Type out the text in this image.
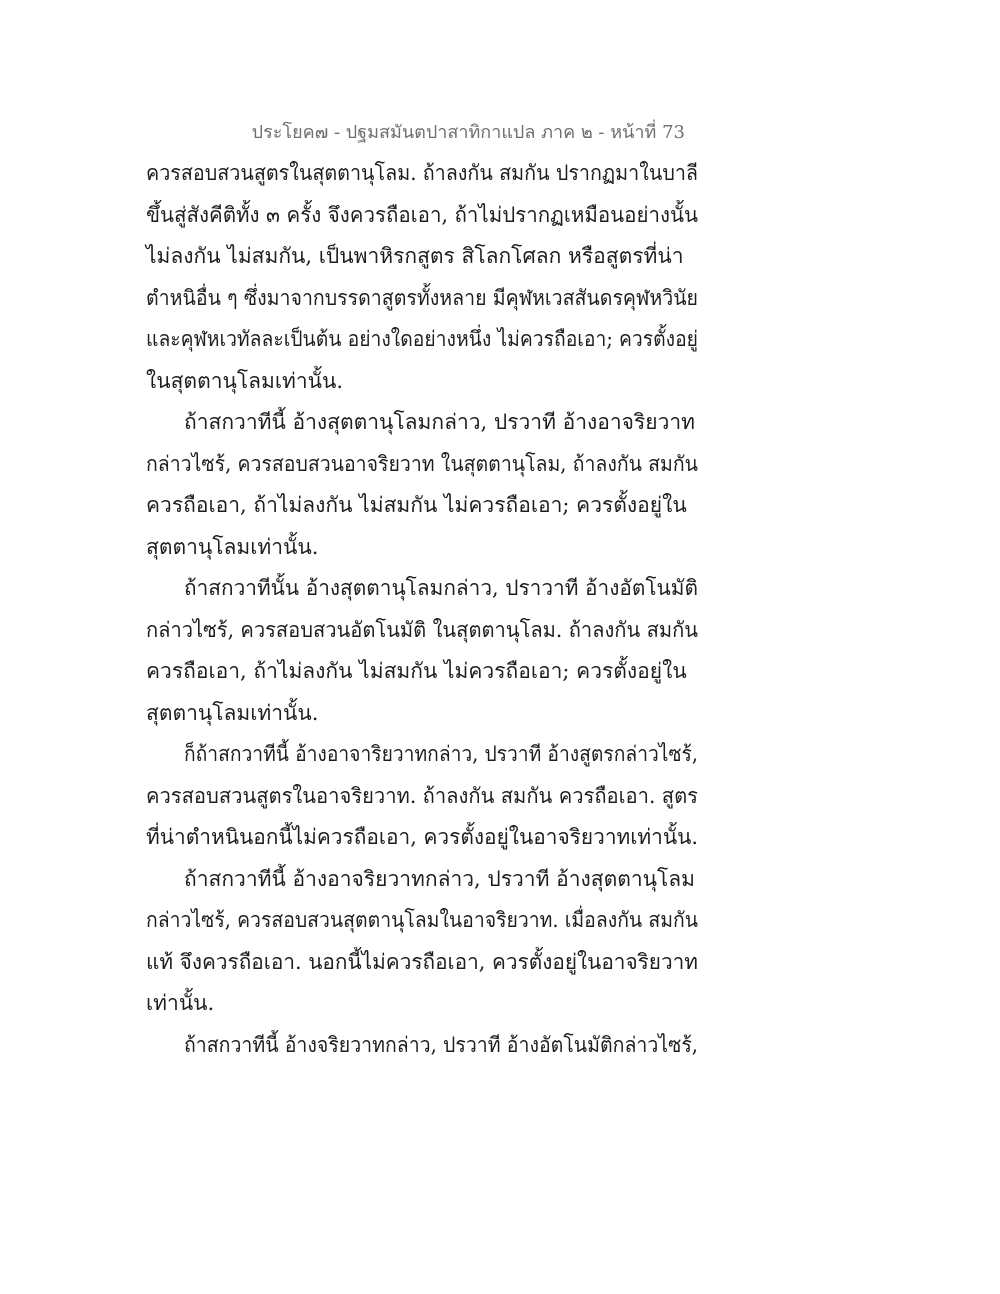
ประโยค๗ - ปฐมสมันตปาสาทิกาแปล ภาค ๒ - หน้าที่ 73
ควรสอบสวนสูตรในสุตตานุโลม. ถ้าลงกัน สมกัน ปรากฏมาในบาลี
ขึ้นสู่สังคีติทั้ง ๓ ครั้ง จึงควรถือเอา, ถ้าไม่ปรากฏเหมือนอย่างนั้น
ไม่ลงกัน ไม่สมกัน, เป็นพาหิรกสูตร สิโลกโศลก หรือสูตรที่น่า
ตำหนิอื่น ๆ ซึ่งมาจากบรรดาสูตรทั้งหลาย มีคุฬหเวสสันดรคุฬหวินัย
และคุฬหเวทัลละเป็นต้น อย่างใดอย่างหนึ่ง ไม่ควรถือเอา; ควรตั้งอยู่
ในสุตตานุโลมเท่านั้น.
ถ้าสกวาทีนี้ อ้างสุตตานุโลมกล่าว, ปรวาที อ้างอาจริยวาท
กล่าวไซร้, ควรสอบสวนอาจริยวาท ในสุตตานุโลม, ถ้าลงกัน สมกัน
ควรถือเอา, ถ้าไม่ลงกัน ไม่สมกัน ไม่ควรถือเอา; ควรตั้งอยู่ใน
สุตตานุโลมเท่านั้น.
ถ้าสกวาทีนั้น อ้างสุตตานุโลมกล่าว, ปราวาที อ้างอัตโนมัติ
กล่าวไซร้, ควรสอบสวนอัตโนมัติ ในสุตตานุโลม. ถ้าลงกัน สมกัน
ควรถือเอา, ถ้าไม่ลงกัน ไม่สมกัน ไม่ควรถือเอา; ควรตั้งอยู่ใน
สุตตานุโลมเท่านั้น.
ก็ถ้าสกวาทีนี้ อ้างอาจาริยวาทกล่าว, ปรวาที อ้างสูตรกล่าวไซร้,
ควรสอบสวนสูตรในอาจริยวาท. ถ้าลงกัน สมกัน ควรถือเอา. สูตร
ที่น่าตำหนินอกนี้ไม่ควรถือเอา, ควรตั้งอยู่ในอาจริยวาทเท่านั้น.
ถ้าสกวาทีนี้ อ้างอาจริยวาทกล่าว, ปรวาที อ้างสุตตานุโลม
กล่าวไซร้, ควรสอบสวนสุตตานุโลมในอาจริยวาท. เมื่อลงกัน สมกัน
แท้ จึงควรถือเอา. นอกนี้ไม่ควรถือเอา, ควรตั้งอยู่ในอาจริยวาท
เท่านั้น.
ถ้าสกวาทีนี้ อ้างจริยวาทกล่าว, ปรวาที อ้างอัตโนมัติกล่าวไซร้,
